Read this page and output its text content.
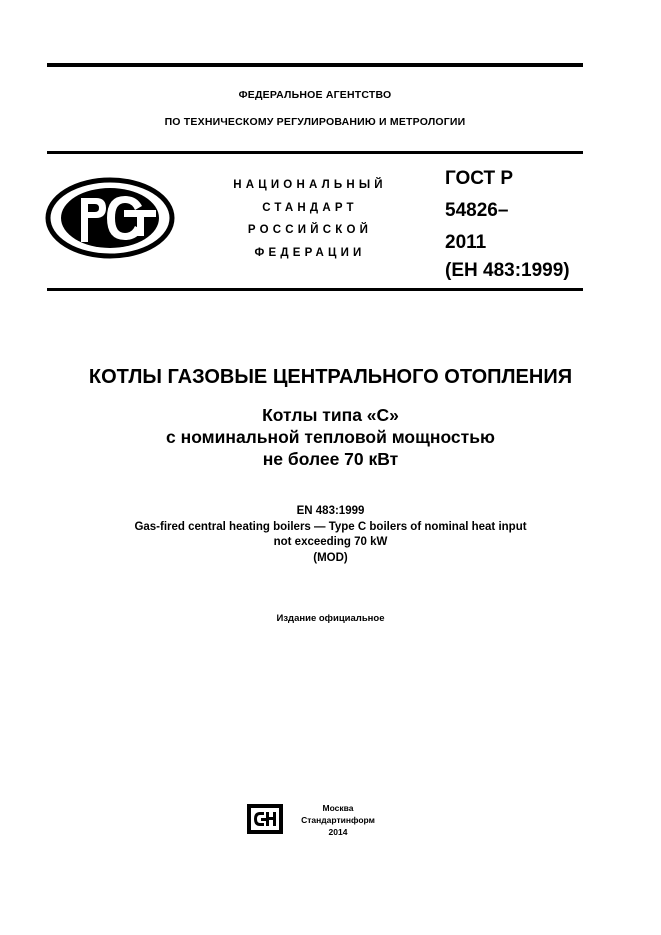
ФЕДЕРАЛЬНОЕ АГЕНТСТВО
ПО ТЕХНИЧЕСКОМУ РЕГУЛИРОВАНИЮ И МЕТРОЛОГИИ
НАЦИОНАЛЬНЫЙ
СТАНДАРТ
РОССИЙСКОЙ
ФЕДЕРАЦИИ
ГОСТ Р
54826–
2011
(ЕН 483:1999)
КОТЛЫ ГАЗОВЫЕ ЦЕНТРАЛЬНОГО ОТОПЛЕНИЯ
Котлы типа «С»
с номинальной тепловой мощностью
не более 70 кВт
EN 483:1999
Gas-fired central heating boilers — Type C boilers of nominal heat input
not exceeding 70 kW
(MOD)
Издание официальное
Москва
Стандартинформ
2014
